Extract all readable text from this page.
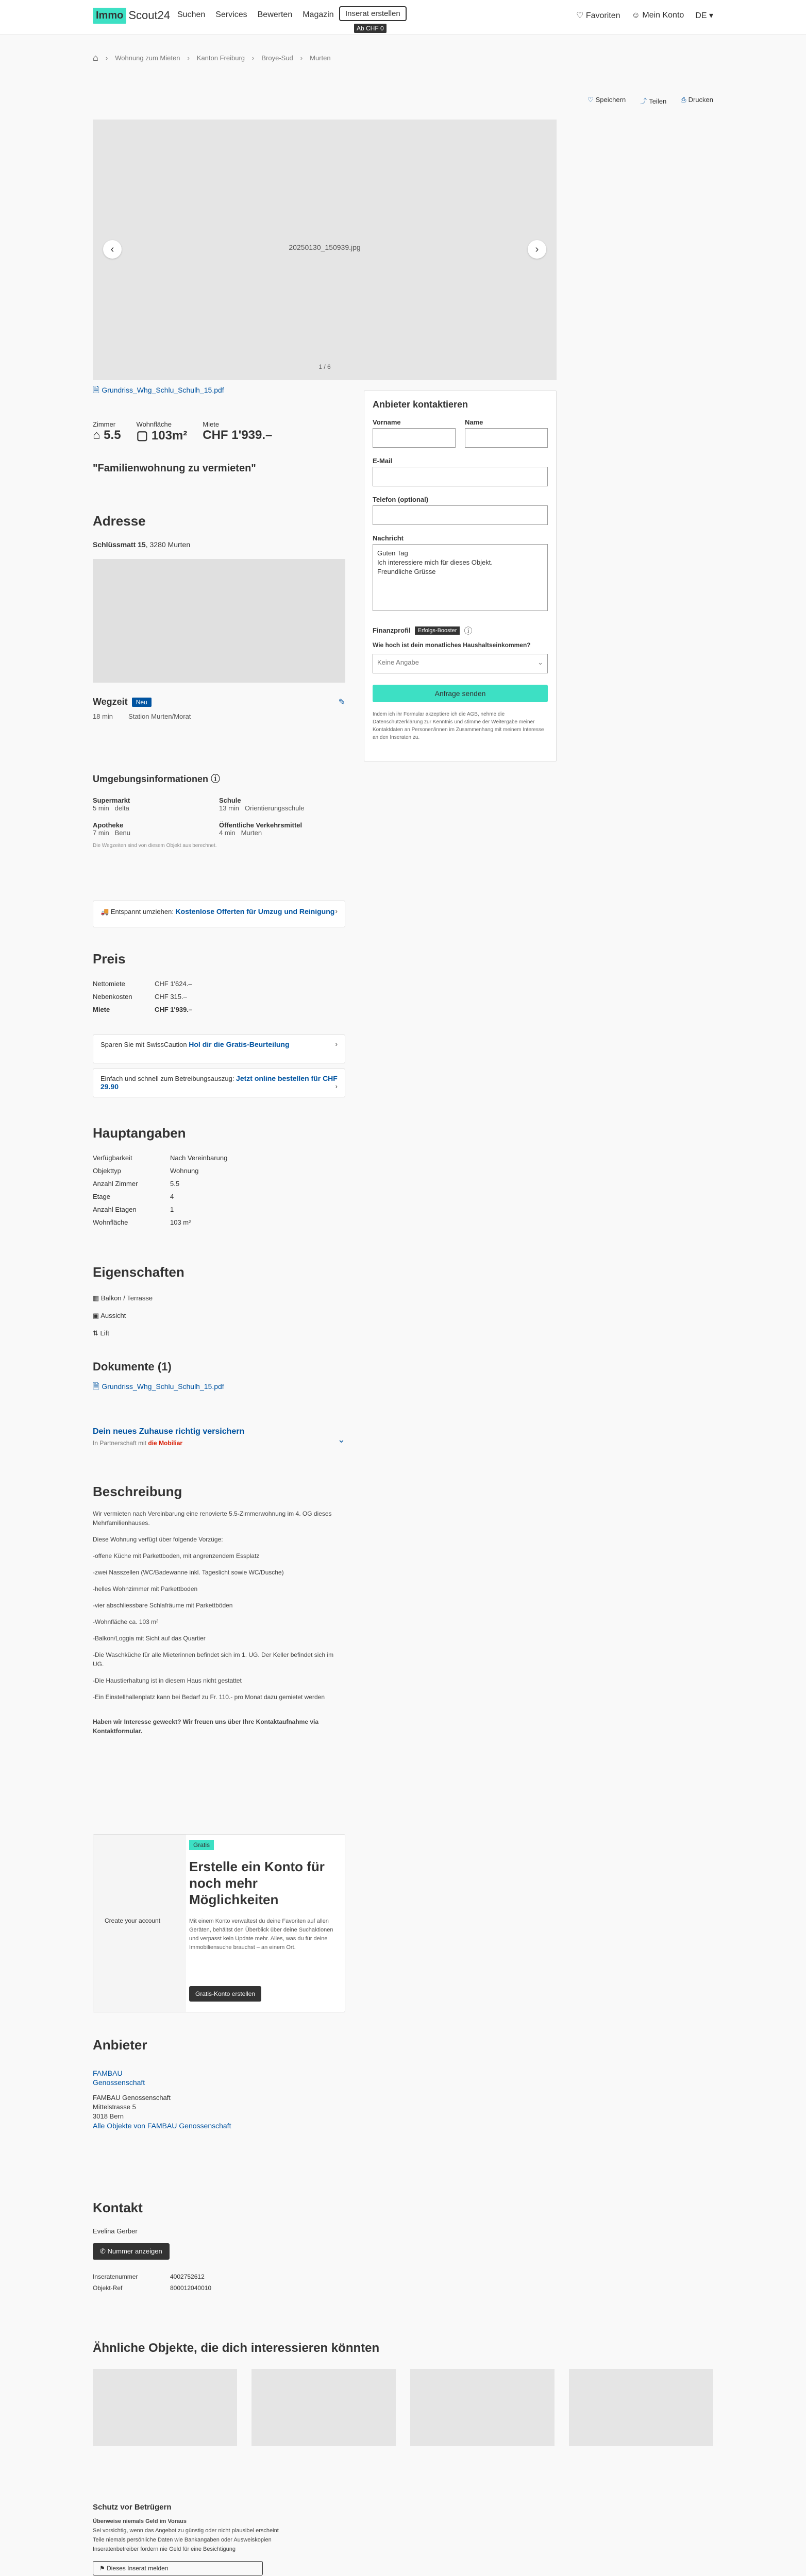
Immo Scout24 Suchen Services Bewerten Magazin	Inserat erstellen
Ab CHF 0
♡ Favoriten ☺ Mein Konto DE ▾
⌂ › Wohnung zum Mieten › Kanton Freiburg › Broye-Sud › Murten
♡ Speichern ⤴ Teilen ⎙ Drucken
20250130_150939.jpg
‹	›
1 / 6
🗎 Grundriss_Whg_Schlu_Schulh_15.pdf
Zimmer
⌂ 5.5
Wohnfläche
▢ 103m²
Miete
CHF 1'939.–
"Familienwohnung zu vermieten"
Adresse
Schlüssmatt 15, 3280 Murten
Wegzeit	Neu	✎
18 min Station Murten/Morat
Umgebungsinformationen ⓘ
Supermarkt
5 min delta
Schule
13 min Orientierungsschule
Apotheke
7 min Benu
Öffentliche Verkehrsmittel
4 min Murten
Die Wegzeiten sind von diesem Objekt aus berechnet.
🚚 Entspannt umziehen: Kostenlose Offerten für Umzug und Reinigung ›
Preis
Nettomiete	CHF 1'624.–
Nebenkosten	CHF 315.–
Miete	CHF 1'939.–
Sparen Sie mit SwissCaution Hol dir die Gratis-Beurteilung	›
Einfach und schnell zum Betreibungsauszug: Jetzt online bestellen für CHF 29.90	›
Hauptangaben
Verfügbarkeit	Nach Vereinbarung
Objekttyp	Wohnung
Anzahl Zimmer	5.5
Etage	4
Anzahl Etagen	1
Wohnfläche	103 m²
Eigenschaften
▦ Balkon / Terrasse
▣ Aussicht
⇅ Lift
Dokumente (1)
🗎 Grundriss_Whg_Schlu_Schulh_15.pdf
Dein neues Zuhause richtig versichern
In Partnerschaft mit die Mobiliar	⌄
Beschreibung

Wir vermieten nach Vereinbarung eine renovierte 5.5-Zimmerwohnung im 4. OG dieses Mehrfamilienhauses.

Diese Wohnung verfügt über folgende Vorzüge:

-offene Küche mit Parkettboden, mit angrenzendem Essplatz

-zwei Nasszellen (WC/Badewanne inkl. Tageslicht sowie WC/Dusche)

-helles Wohnzimmer mit Parkettboden

-vier abschliessbare Schlafräume mit Parkettböden

-Wohnfläche ca. 103 m²

-Balkon/Loggia mit Sicht auf das Quartier

-Die Waschküche für alle Mieterinnen befindet sich im 1. UG. Der Keller befindet sich im UG.

-Die Haustierhaltung ist in diesem Haus nicht gestattet

-Ein Einstellhallenplatz kann bei Bedarf zu Fr. 110.- pro Monat dazu gemietet werden

Haben wir Interesse geweckt? Wir freuen uns über Ihre Kontaktaufnahme via Kontaktformular.

Create your account
Gratis
Erstelle ein Konto für noch mehr Möglichkeiten
Mit einem Konto verwaltest du deine Favoriten auf allen Geräten, behältst den Überblick über deine Suchaktionen und verpasst kein Update mehr. Alles, was du für deine Immobiliensuche brauchst – an einem Ort.
Gratis-Konto erstellen
Anbieter
FAMBAU
Genossenschaft
FAMBAU Genossenschaft
Mittelstrasse 5
3018 Bern
Alle Objekte von FAMBAU Genossenschaft
Kontakt
Evelina Gerber
✆ Nummer anzeigen
Inseratenummer	4002752612
Objekt-Ref	800012040010
Anbieter kontaktieren
Vorname	Name
E-Mail
Telefon (optional)
Nachricht
Guten Tag
Ich interessiere mich für dieses Objekt.
Freundliche Grüsse
Finanzprofil	Erfolgs-Booster ⓘ
Wie hoch ist dein monatliches Haushaltseinkommen?
Keine Angabe	⌄
Anfrage senden
Indem ich ihr Formular akzeptiere ich die AGB, nehme die Datenschutzerklärung zur Kenntnis und stimme der Weitergabe meiner Kontaktdaten an Personen/innen im Zusammenhang mit meinem Interesse an den Inseraten zu.
Ähnliche Objekte, die dich interessieren könnten
Schutz vor Betrügern
Überweise niemals Geld im Voraus
Sei vorsichtig, wenn das Angebot zu günstig oder nicht plausibel erscheint
Teile niemals persönliche Daten wie Bankangaben oder Ausweiskopien
Inseratenbetreiber fordern nie Geld für eine Besichtigung
⚑ Dieses Inserat melden
